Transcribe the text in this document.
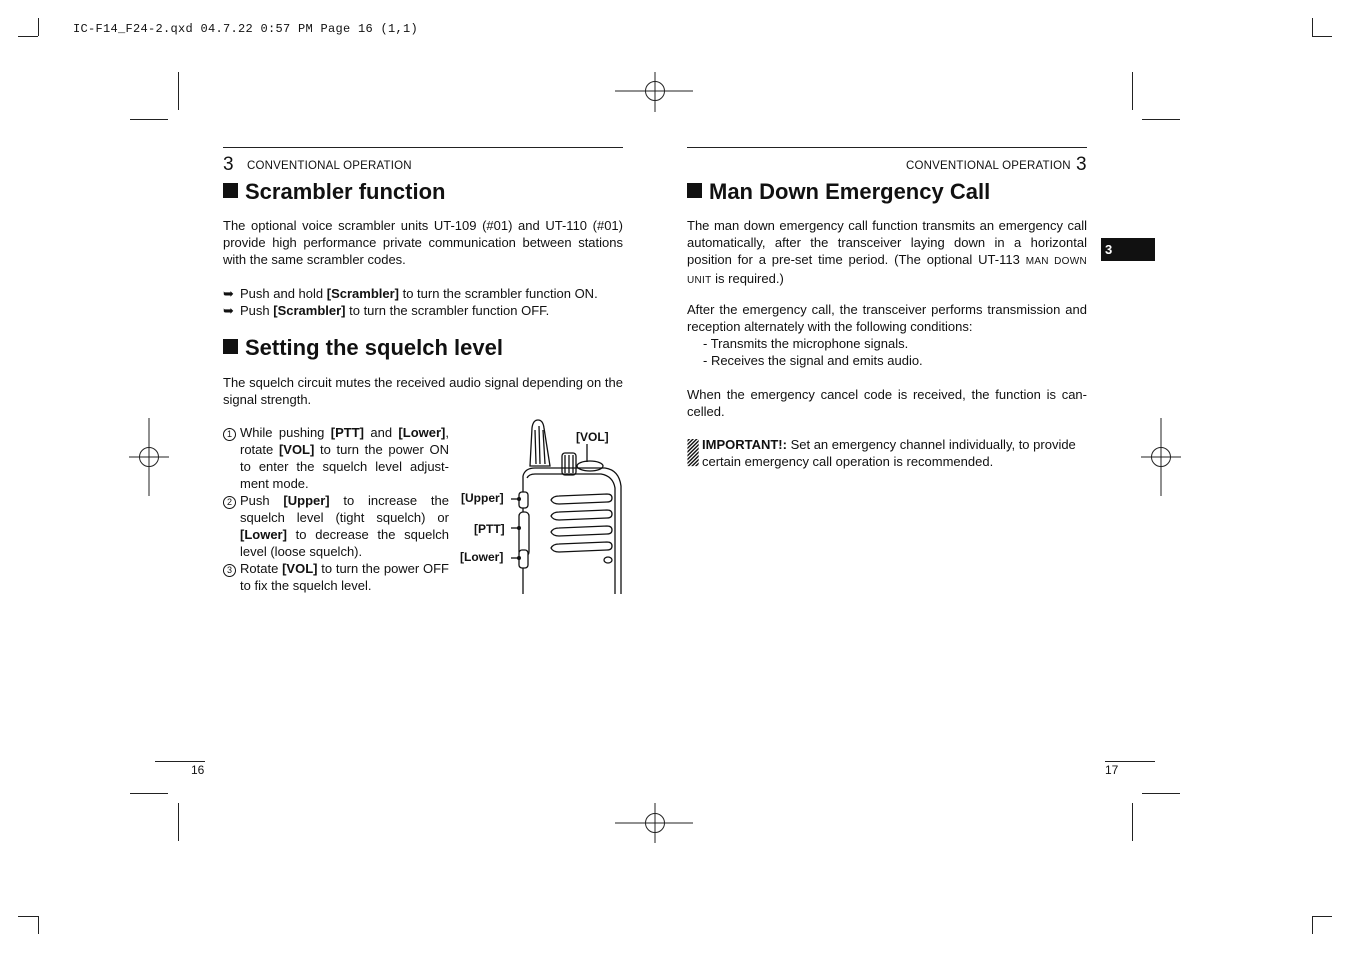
IC-F14_F24-2.qxd 04.7.22 0:57 PM Page 16 (1,1)
3 CONVENTIONAL OPERATION
Scrambler function
The optional voice scrambler units UT-109 (#01) and UT-110 (#01) provide high performance private communication between stations with the same scrambler codes.
➥ Push and hold [Scrambler] to turn the scrambler function ON.
➥ Push [Scrambler] to turn the scrambler function OFF.
Setting the squelch level
The squelch circuit mutes the received audio signal depending on the signal strength.
1 While pushing [PTT] and [Lower], rotate [VOL] to turn the power ON to enter the squelch level adjust-ment mode.
2 Push [Upper] to increase the squelch level (tight squelch) or [Lower] to decrease the squelch level (loose squelch).
3 Rotate [VOL] to turn the power OFF to fix the squelch level.
[VOL]
[Upper]
[PTT]
[Lower]
16
CONVENTIONAL OPERATION 3
Man Down Emergency Call
The man down emergency call function transmits an emergency call automatically, after the transceiver laying down in a horizontal position for a pre-set time period. (The optional UT-113 MAN DOWN UNIT is required.)
After the emergency call, the transceiver performs transmission and reception alternately with the following conditions:
- Transmits the microphone signals.
- Receives the signal and emits audio.
When the emergency cancel code is received, the function is can-celled.
IMPORTANT!: Set an emergency channel individually, to provide certain emergency call operation is recommended.
3
17
